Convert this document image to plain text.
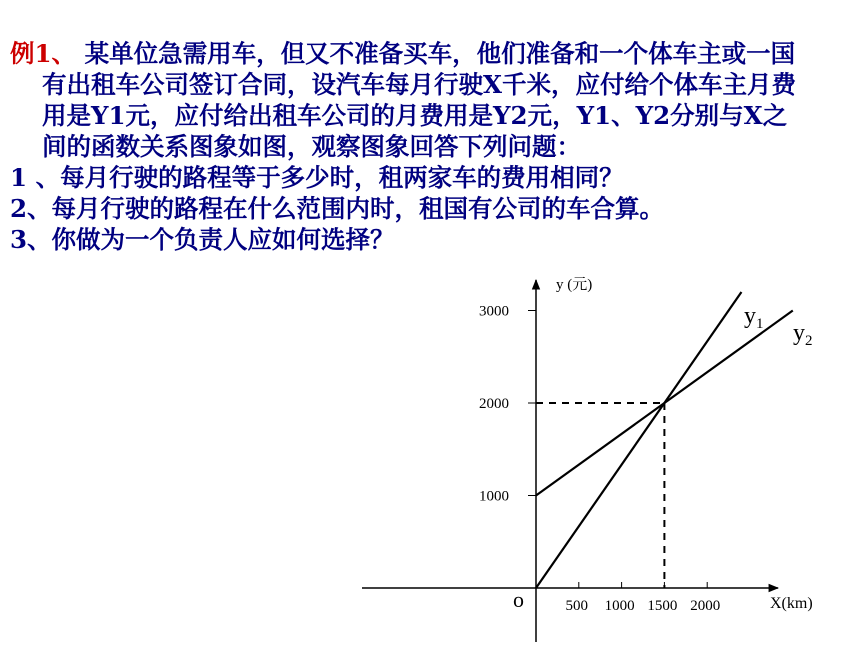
例1、 某单位急需用车，但又不准备买车，他们准备和一个体车主或一国有出租车公司签订合同，设汽车每月行驶X千米，应付给个体车主月费用是Y1元，应付给出租车公司的月费用是Y2元，Y1、Y2分别与X之间的函数关系图象如图，观察图象回答下列问题：

1 、每月行驶的路程等于多少时，租两家车的费用相同？

2、每月行驶的路程在什么范围内时，租国有公司的车合算。

3、你做为一个负责人应如何选择？

y (元)
X(km)
o	500 1000 1500 2000
1000
2000
3000	$y_1$ $y_2$
